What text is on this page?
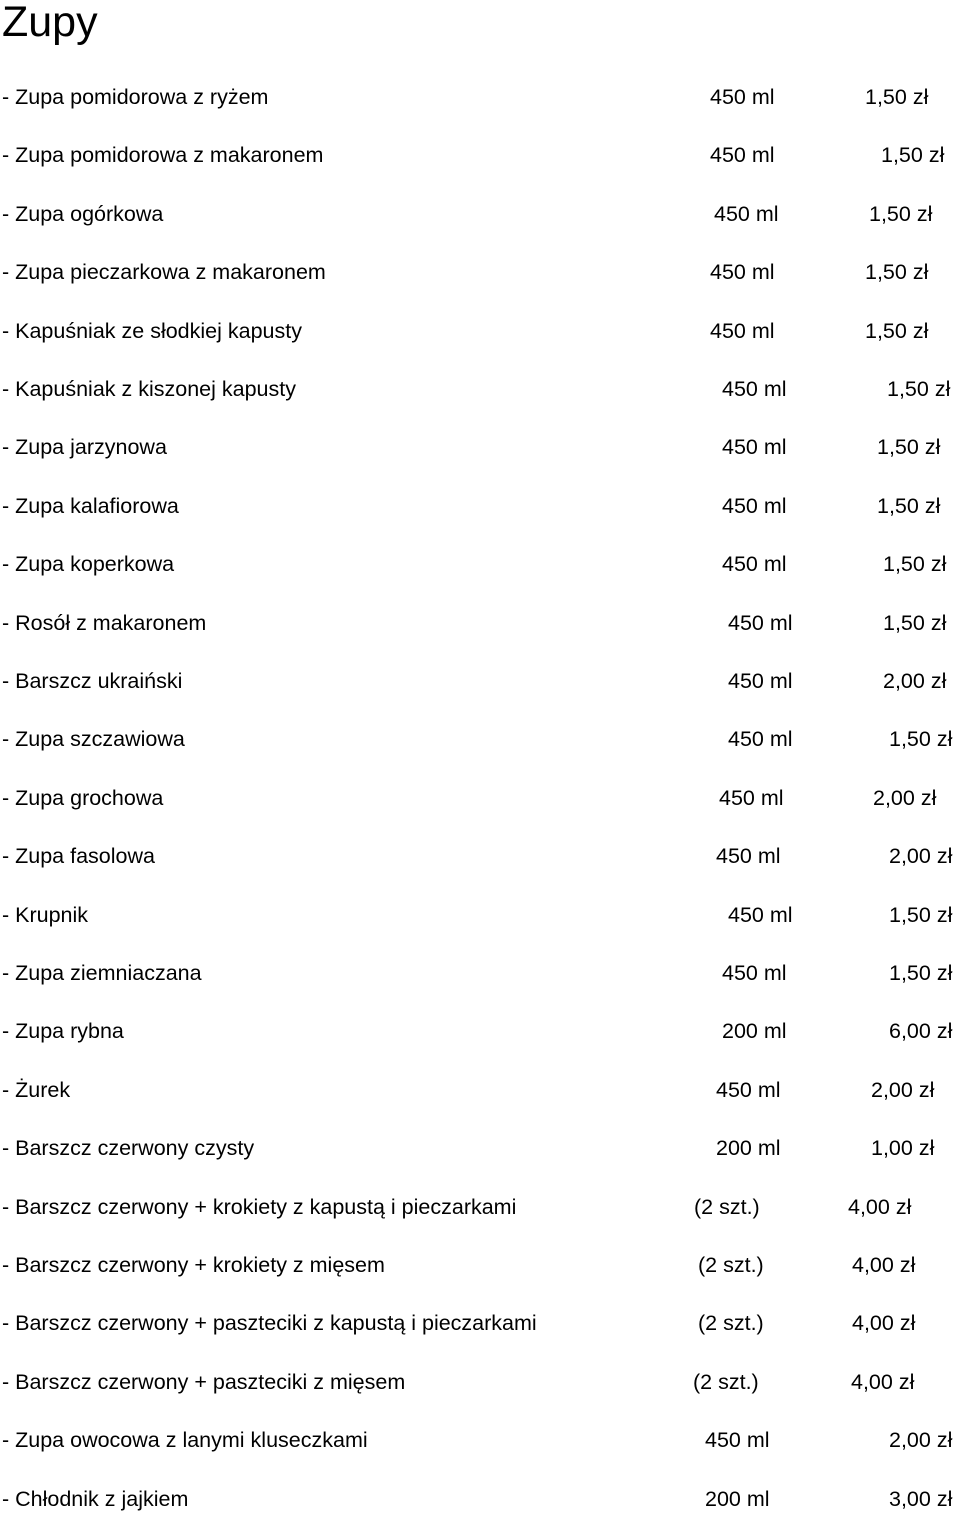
Zupy
- Zupa pomidorowa z ryżem	450 ml	1,50 zł
- Zupa pomidorowa z makaronem	450 ml	1,50 zł
- Zupa ogórkowa	450 ml	1,50 zł
- Zupa pieczarkowa z makaronem	450 ml	1,50 zł
- Kapuśniak ze słodkiej kapusty	450 ml	1,50 zł
- Kapuśniak z kiszonej kapusty	450 ml	1,50 zł
- Zupa jarzynowa	450 ml	1,50 zł
- Zupa kalafiorowa	450 ml	1,50 zł
- Zupa koperkowa	450 ml	1,50 zł
- Rosół z makaronem	450 ml	1,50 zł
- Barszcz ukraiński	450 ml	2,00 zł
- Zupa szczawiowa	450 ml	1,50 zł
- Zupa grochowa	450 ml	2,00 zł
- Zupa fasolowa	450 ml	2,00 zł
- Krupnik	450 ml	1,50 zł
- Zupa ziemniaczana	450 ml	1,50 zł
- Zupa rybna	200 ml	6,00 zł
- Żurek	450 ml	2,00 zł
- Barszcz czerwony czysty	200 ml	1,00 zł
- Barszcz czerwony + krokiety z kapustą i pieczarkami	(2 szt.)	4,00 zł
- Barszcz czerwony + krokiety z mięsem	(2 szt.)	4,00 zł
- Barszcz czerwony + paszteciki z kapustą i pieczarkami	(2 szt.)	4,00 zł
- Barszcz czerwony + paszteciki z mięsem	(2 szt.)	4,00 zł
- Zupa owocowa z lanymi kluseczkami	450 ml	2,00 zł
- Chłodnik z jajkiem	200 ml	3,00 zł
